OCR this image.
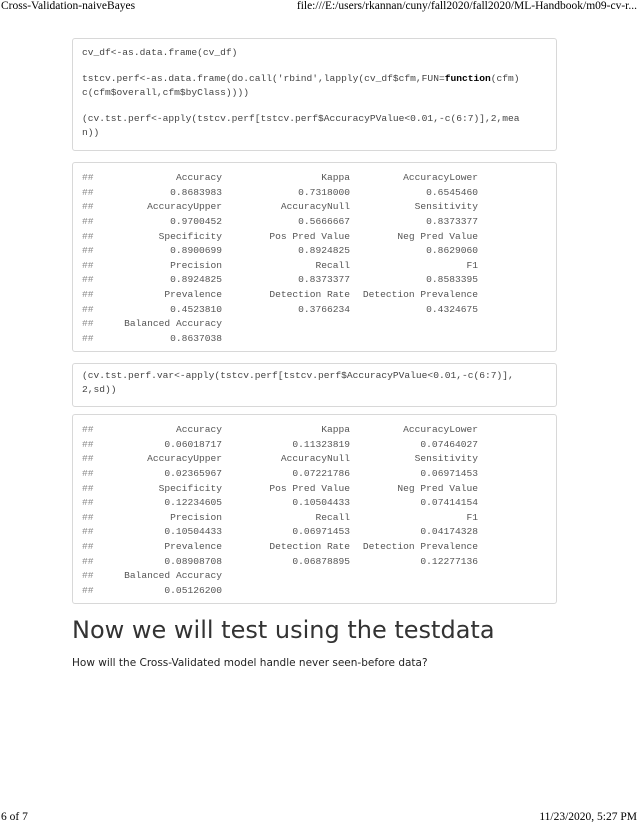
Cross-Validation-naiveBayes	file:///E:/users/rkannan/cuny/fall2020/fall2020/ML-Handbook/m09-cv-r...

cv_df<-as.data.frame(cv_df)

tstcv.perf<-as.data.frame(do.call('rbind',lapply(cv_df$cfm,FUN=function(cfm)

c(cfm$overall,cfm$byClass))))

(cv.tst.perf<-apply(tstcv.perf[tstcv.perf$AccuracyPValue<0.01,-c(6:7)],2,mea

n))

##	Accuracy	Kappa	AccuracyLower
##	0.8683983	0.7318000	0.6545460
##	AccuracyUpper	AccuracyNull	Sensitivity
##	0.9700452	0.5666667	0.8373377
##	Specificity	Pos Pred Value	Neg Pred Value
##	0.8900699	0.8924825	0.8629060
##	Precision	Recall	F1
##	0.8924825	0.8373377	0.8583395
##	Prevalence	Detection Rate	Detection Prevalence
##	0.4523810	0.3766234	0.4324675
##	Balanced Accuracy
##	0.8637038

(cv.tst.perf.var<-apply(tstcv.perf[tstcv.perf$AccuracyPValue<0.01,-c(6:7)],

2,sd))

##	Accuracy	Kappa	AccuracyLower
##	0.06018717	0.11323819	0.07464027
##	AccuracyUpper	AccuracyNull	Sensitivity
##	0.02365967	0.07221786	0.06971453
##	Specificity	Pos Pred Value	Neg Pred Value
##	0.12234605	0.10504433	0.07414154
##	Precision	Recall	F1
##	0.10504433	0.06971453	0.04174328
##	Prevalence	Detection Rate	Detection Prevalence
##	0.08908708	0.06878895	0.12277136
##	Balanced Accuracy
##	0.05126200
Now we will test using the testdata
How will the Cross-Validated model handle never seen-before data?
6 of 7	11/23/2020, 5:27 PM
